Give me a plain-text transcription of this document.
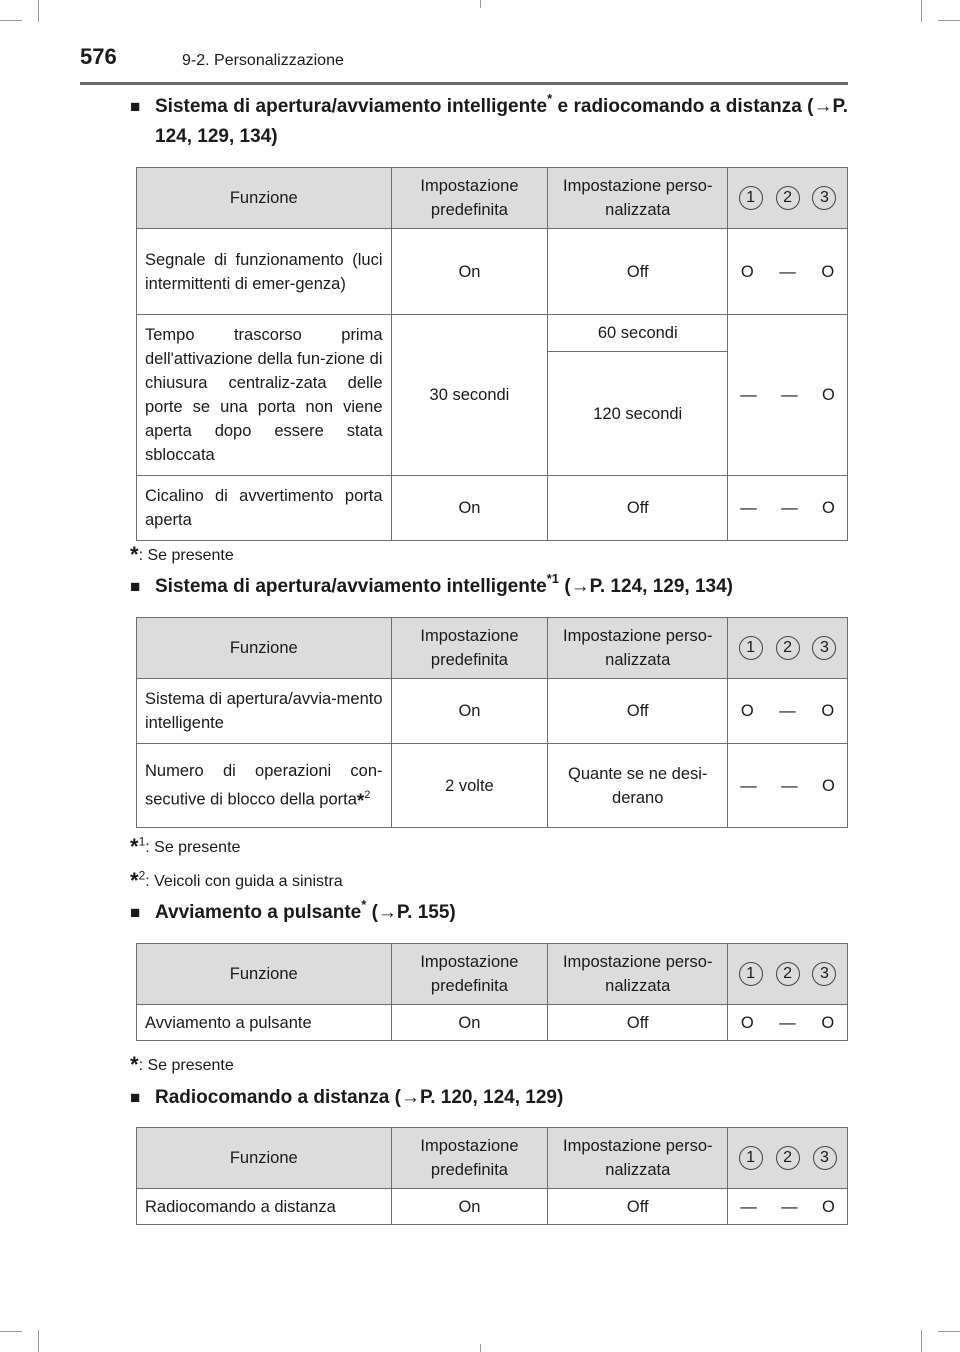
576	9-2. Personalizzazione
■ Sistema di apertura/avviamento intelligente* e radiocomando a distanza (→P. 124, 129, 134)
Funzione	Impostazione predefinita	Impostazione perso-nalizzata	1 2 3

Segnale di funzionamento (luci intermittenti di emer-genza)	On	Off	O — O

Tempo trascorso prima dell'attivazione della fun-zione di chiusura centraliz-zata delle porte se una porta non viene aperta dopo essere stata sbloccata	30 secondi	60 secondi	— — O

		120 secondi	
Cicalino di avvertimento porta aperta	On	Off	— — O
*: Se presente
■ Sistema di apertura/avviamento intelligente$^{*1}$ (→P. 124, 129, 134)
Funzione	Impostazione predefinita	Impostazione perso-nalizzata	1 2 3

Sistema di apertura/avvia-mento intelligente	On	Off	O — O

Numero di operazioni con-secutive di blocco della porta*$^2$	2 volte	Quante se ne desi-derano	— — O
*$^1$: Se presente
*$^2$: Veicoli con guida a sinistra
■ Avviamento a pulsante* (→P. 155)
Funzione	Impostazione predefinita	Impostazione perso-nalizzata	1 2 3

Avviamento a pulsante	On	Off	O — O
*: Se presente
■ Radiocomando a distanza (→P. 120, 124, 129)
Funzione	Impostazione predefinita	Impostazione perso-nalizzata	1 2 3

Radiocomando a distanza	On	Off	— — O
